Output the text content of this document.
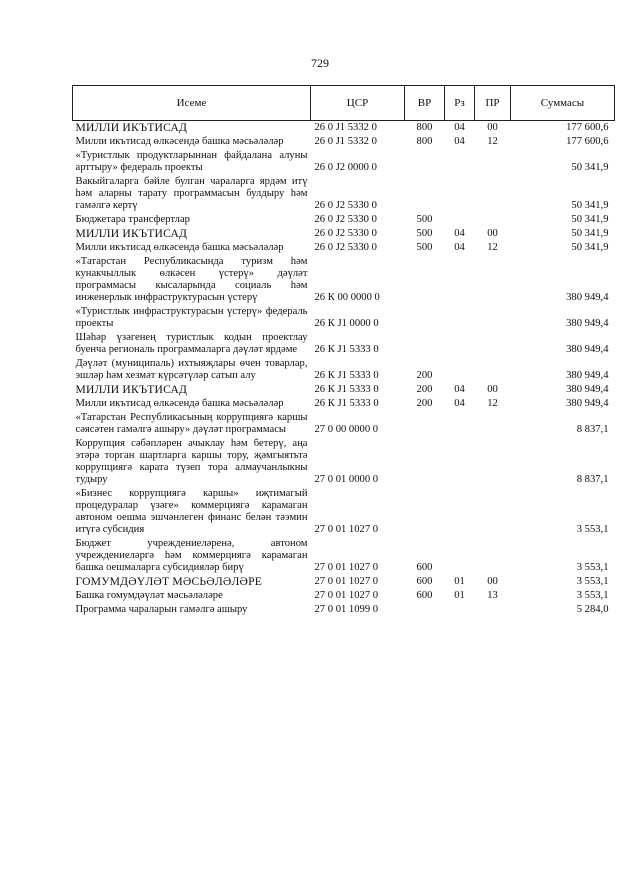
729
Исеме	ЦСР	ВР	Рз	ПР	Суммасы
МИЛЛИ ИКЪТИСАД	26 0 J1 5332 0	800	04	00	177 600,6
Милли икътисад өлкәсендә башка мәсьәләләр	26 0 J1 5332 0	800	04	12	177 600,6
«Туристлык продуктларыннан файдалана алуны арттыру» федераль проекты	26 0 J2 0000 0				50 341,9
Вакыйгаларга бәйле булган чараларга ярдәм итү һәм аларны тарату программасын булдыру һәм гамәлгә кертү	26 0 J2 5330 0				50 341,9
Бюджетара трансфертлар	26 0 J2 5330 0	500			50 341,9
МИЛЛИ ИКЪТИСАД	26 0 J2 5330 0	500	04	00	50 341,9
Милли икътисад өлкәсендә башка мәсьәләләр	26 0 J2 5330 0	500	04	12	50 341,9
«Татарстан Республикасында туризм һәм кунакчыллык өлкәсен үстерү» дәүләт программасы кысаларында социаль һәм инженерлык инфраструктурасын үстерү	26 К 00 0000 0				380 949,4
«Туристлык инфраструктурасын үстерү» федераль проекты	26 К J1 0000 0				380 949,4
Шәһәр үзәгенең туристлык кодын проектлау буенча региональ программаларга дәүләт ярдәме	26 К J1 5333 0				380 949,4
Дәүләт (муниципаль) ихтыяҗлары өчен товарлар, эшләр һәм хезмәт күрсәтүләр сатып алу	26 К J1 5333 0	200			380 949,4
МИЛЛИ ИКЪТИСАД	26 К J1 5333 0	200	04	00	380 949,4
Милли икътисад өлкәсендә башка мәсьәләләр	26 К J1 5333 0	200	04	12	380 949,4
«Татарстан Республикасының коррупциягә каршы сәясәтен гамәлгә ашыру» дәүләт программасы	27 0 00 0000 0				8 837,1
Коррупция сәбәпләрен ачыклау һәм бетерү, аңа этәрә торган шартларга каршы тору, җәмгыятьтә коррупциягә карата түзеп тора алмаучанлыкны тудыру	27 0 01 0000 0				8 837,1
«Бизнес коррупциягә каршы» иҗтимагый процедуралар үзәге» коммерциягә карамаган автоном оешма эшчәнлеген финанс белән тәэмин итүгә субсидия	27 0 01 1027 0				3 553,1
Бюджет учреждениеләренә, автоном учреждениеләргә һәм коммерциягә карамаган башка оешмаларга субсидияләр бирү	27 0 01 1027 0	600			3 553,1
ГОМУМДӘҮЛӘТ МӘСЬӘЛӘЛӘРЕ	27 0 01 1027 0	600	01	00	3 553,1
Башка гомумдәүләт мәсьәләләре	27 0 01 1027 0	600	01	13	3 553,1
Программа чараларын гамәлгә ашыру	27 0 01 1099 0				5 284,0
